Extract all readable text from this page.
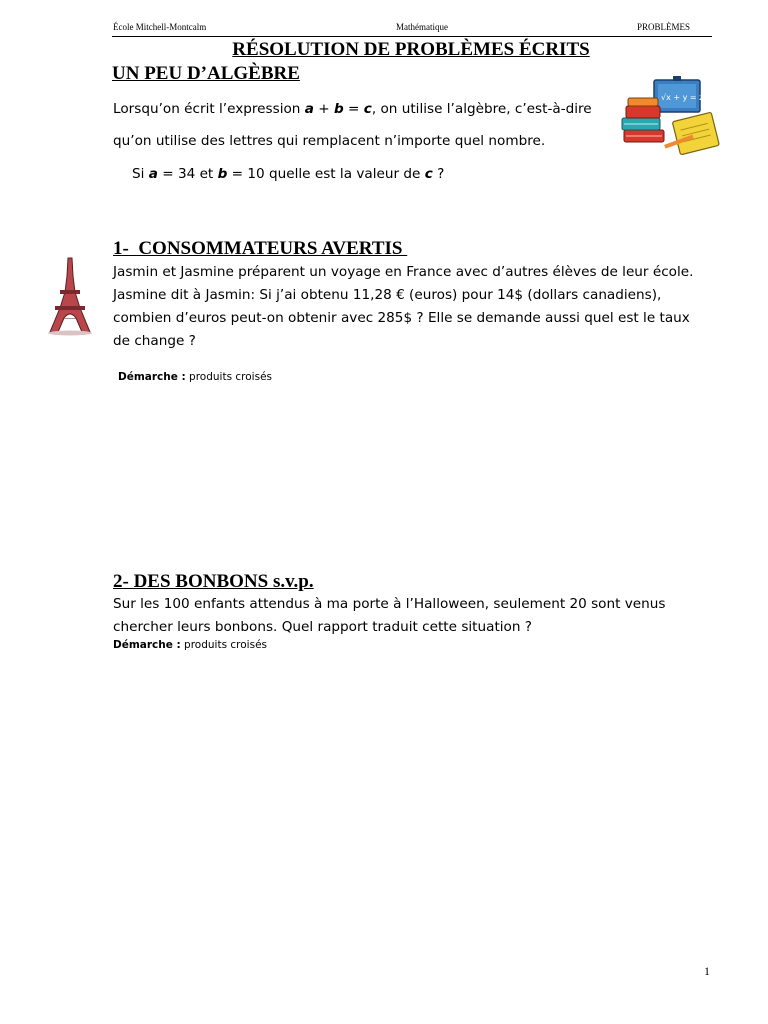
École Mitchell-Montcalm	Mathématique	PROBLÈMES
RÉSOLUTION DE PROBLÈMES ÉCRITS
UN PEU D’ALGÈBRE
Lorsqu’on écrit l’expression a + b = c, on utilise l’algèbre, c’est-à-dire
qu’on utilise des lettres qui remplacent n’importe quel nombre.
Si a = 34 et b = 10 quelle est la valeur de c ?
√x + y = z
1-  CONSOMMATEURS AVERTIS
Jasmin et Jasmine préparent un voyage en France avec d’autres élèves de leur école.
Jasmine dit à Jasmin: Si j’ai obtenu 11,28 € (euros) pour 14$ (dollars canadiens),
combien d’euros peut-on obtenir avec 285$ ? Elle se demande aussi quel est le taux
de change ?
Démarche : produits croisés
2- DES BONBONS s.v.p.
Sur les 100 enfants attendus à ma porte à l’Halloween, seulement 20 sont venus
chercher leurs bonbons. Quel rapport traduit cette situation ?
Démarche : produits croisés
1
